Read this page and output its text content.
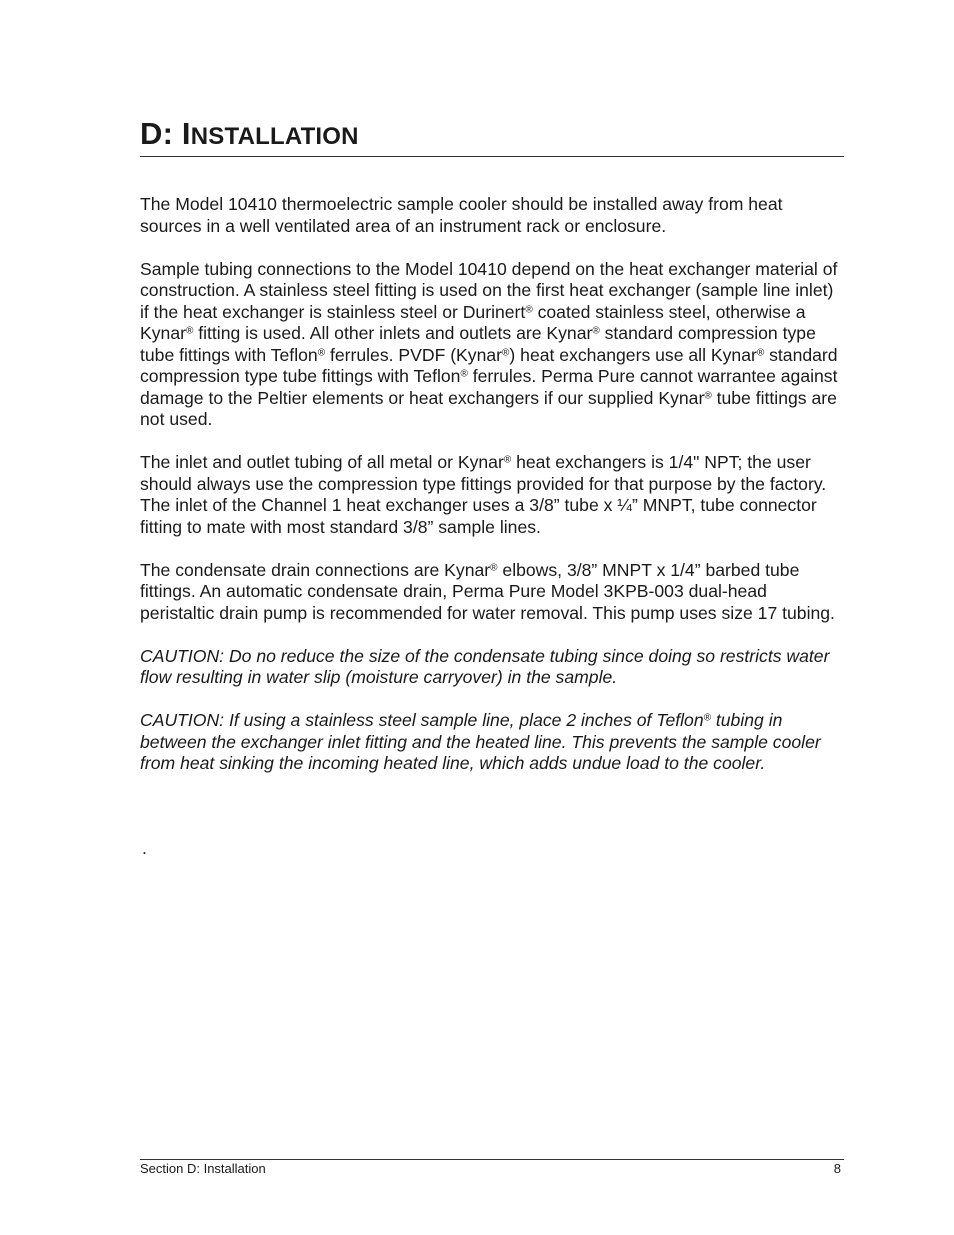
D: INSTALLATION

The Model 10410 thermoelectric sample cooler should be installed away from heat sources in a well ventilated area of an instrument rack or enclosure.

Sample tubing connections to the Model 10410 depend on the heat exchanger material of construction. A stainless steel fitting is used on the first heat exchanger (sample line inlet) if the heat exchanger is stainless steel or Durinert® coated stainless steel, otherwise a Kynar® fitting is used. All other inlets and outlets are Kynar® standard compression type tube fittings with Teflon® ferrules. PVDF (Kynar®) heat exchangers use all Kynar® standard compression type tube fittings with Teflon® ferrules. Perma Pure cannot warrantee against damage to the Peltier elements or heat exchangers if our supplied Kynar® tube fittings are not used.

The inlet and outlet tubing of all metal or Kynar® heat exchangers is 1/4" NPT; the user should always use the compression type fittings provided for that purpose by the factory. The inlet of the Channel 1 heat exchanger uses a 3/8” tube x ¼” MNPT, tube connector fitting to mate with most standard 3/8” sample lines.

The condensate drain connections are Kynar® elbows, 3/8” MNPT x 1/4” barbed tube fittings. An automatic condensate drain, Perma Pure Model 3KPB-003 dual-head peristaltic drain pump is recommended for water removal. This pump uses size 17 tubing.

CAUTION: Do no reduce the size of the condensate tubing since doing so restricts water flow resulting in water slip (moisture carryover) in the sample.

CAUTION: If using a stainless steel sample line, place 2 inches of Teflon® tubing in between the exchanger inlet fitting and the heated line. This prevents the sample cooler from heat sinking the incoming heated line, which adds undue load to the cooler.

.
Section D: Installation	8
